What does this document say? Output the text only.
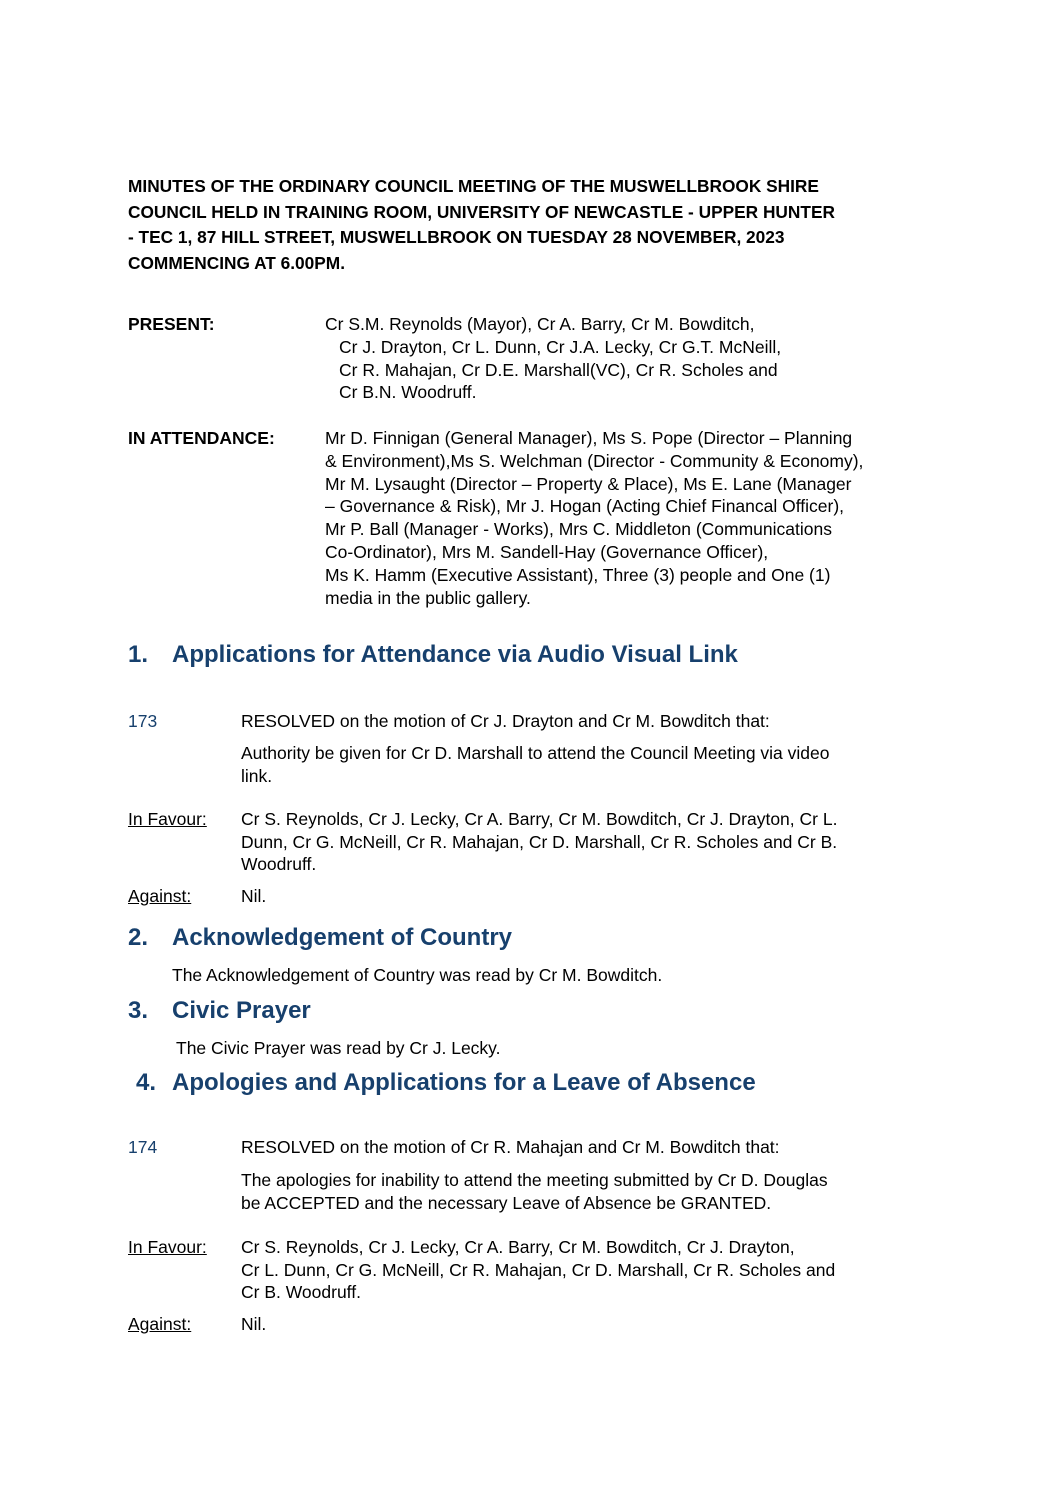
MINUTES OF THE ORDINARY COUNCIL MEETING OF THE MUSWELLBROOK SHIRE
COUNCIL HELD IN TRAINING ROOM, UNIVERSITY OF NEWCASTLE - UPPER HUNTER
- TEC 1, 87 HILL STREET, MUSWELLBROOK ON TUESDAY 28 NOVEMBER, 2023
COMMENCING AT 6.00PM.
PRESENT:	Cr S.M. Reynolds (Mayor), Cr A. Barry, Cr M. Bowditch,
Cr J. Drayton, Cr L. Dunn, Cr J.A. Lecky, Cr G.T. McNeill,
Cr R. Mahajan, Cr D.E. Marshall(VC), Cr R. Scholes and
Cr B.N. Woodruff.
IN ATTENDANCE:	Mr D. Finnigan (General Manager), Ms S. Pope (Director – Planning
& Environment),Ms S. Welchman (Director - Community & Economy),
Mr M. Lysaught (Director – Property & Place), Ms E. Lane (Manager
– Governance & Risk), Mr J. Hogan (Acting Chief Financal Officer),
Mr P. Ball (Manager - Works), Mrs C. Middleton (Communications
Co-Ordinator), Mrs M. Sandell-Hay (Governance Officer),
Ms K. Hamm (Executive Assistant), Three (3) people and One (1)
media in the public gallery.
1. Applications for Attendance via Audio Visual Link
173	RESOLVED on the motion of Cr J. Drayton and Cr M. Bowditch that:
Authority be given for Cr D. Marshall to attend the Council Meeting via video
link.
In Favour: Cr S. Reynolds, Cr J. Lecky, Cr A. Barry, Cr M. Bowditch, Cr J. Drayton, Cr L.
Dunn, Cr G. McNeill, Cr R. Mahajan, Cr D. Marshall, Cr R. Scholes and Cr B.
Woodruff.
Against:	Nil.
2. Acknowledgement of Country
The Acknowledgement of Country was read by Cr M. Bowditch.
3. Civic Prayer
The Civic Prayer was read by Cr J. Lecky.
4. Apologies and Applications for a Leave of Absence
174	RESOLVED on the motion of Cr R. Mahajan and Cr M. Bowditch that:
The apologies for inability to attend the meeting submitted by Cr D. Douglas
be ACCEPTED and the necessary Leave of Absence be GRANTED.
In Favour: Cr S. Reynolds, Cr J. Lecky, Cr A. Barry, Cr M. Bowditch, Cr J. Drayton,
Cr L. Dunn, Cr G. McNeill, Cr R. Mahajan, Cr D. Marshall, Cr R. Scholes and
Cr B. Woodruff.
Against:	Nil.
